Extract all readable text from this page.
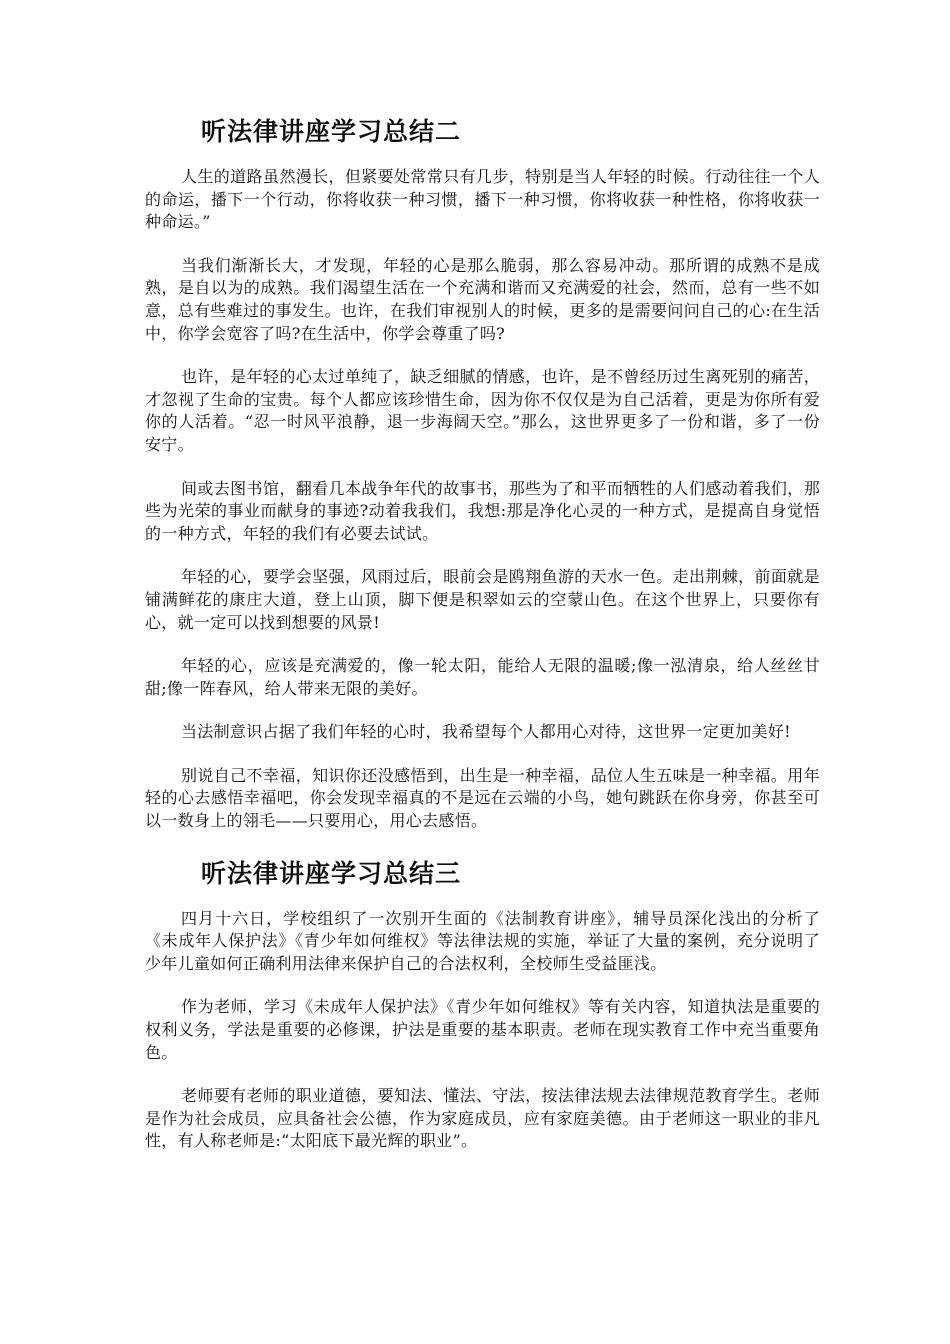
听法律讲座学习总结二

人生的道路虽然漫长，但紧要处常常只有几步，特别是当人年轻的时候。行动往往一个人的命运，播下一个行动，你将收获一种习惯，播下一种习惯，你将收获一种性格，你将收获一种命运。”

当我们渐渐长大，才发现，年轻的心是那么脆弱，那么容易冲动。那所谓的成熟不是成熟，是自以为的成熟。我们渴望生活在一个充满和谐而又充满爱的社会，然而，总有一些不如意，总有些难过的事发生。也许，在我们审视别人的时候，更多的是需要问问自己的心:在生活中，你学会宽容了吗?在生活中，你学会尊重了吗?

也许，是年轻的心太过单纯了，缺乏细腻的情感，也许，是不曾经历过生离死别的痛苦，才忽视了生命的宝贵。每个人都应该珍惜生命，因为你不仅仅是为自己活着，更是为你所有爱你的人活着。“忍一时风平浪静，退一步海阔天空。”那么，这世界更多了一份和谐，多了一份安宁。

间或去图书馆，翻看几本战争年代的故事书，那些为了和平而牺牲的人们感动着我们，那些为光荣的事业而献身的事迹?动着我我们，我想:那是净化心灵的一种方式，是提高自身觉悟的一种方式，年轻的我们有必要去试试。

年轻的心，要学会坚强，风雨过后，眼前会是鸥翔鱼游的天水一色。走出荆棘，前面就是铺满鲜花的康庄大道，登上山顶，脚下便是积翠如云的空蒙山色。在这个世界上，只要你有心，就一定可以找到想要的风景!

年轻的心，应该是充满爱的，像一轮太阳，能给人无限的温暖;像一泓清泉，给人丝丝甘甜;像一阵春风，给人带来无限的美好。

当法制意识占据了我们年轻的心时，我希望每个人都用心对待，这世界一定更加美好!

别说自己不幸福，知识你还没感悟到，出生是一种幸福，品位人生五味是一种幸福。用年轻的心去感悟幸福吧，你会发现幸福真的不是远在云端的小鸟，她句跳跃在你身旁，你甚至可以一数身上的翎毛——只要用心，用心去感悟。

听法律讲座学习总结三

四月十六日，学校组织了一次别开生面的《法制教育讲座》，辅导员深化浅出的分析了《未成年人保护法》《青少年如何维权》等法律法规的实施，举证了大量的案例，充分说明了少年儿童如何正确利用法律来保护自己的合法权利，全校师生受益匪浅。

作为老师，学习《未成年人保护法》《青少年如何维权》等有关内容，知道执法是重要的权利义务，学法是重要的必修课，护法是重要的基本职责。老师在现实教育工作中充当重要角色。

老师要有老师的职业道德，要知法、懂法、守法，按法律法规去法律规范教育学生。老师是作为社会成员，应具备社会公德，作为家庭成员，应有家庭美德。由于老师这一职业的非凡性，有人称老师是:“太阳底下最光辉的职业”。
